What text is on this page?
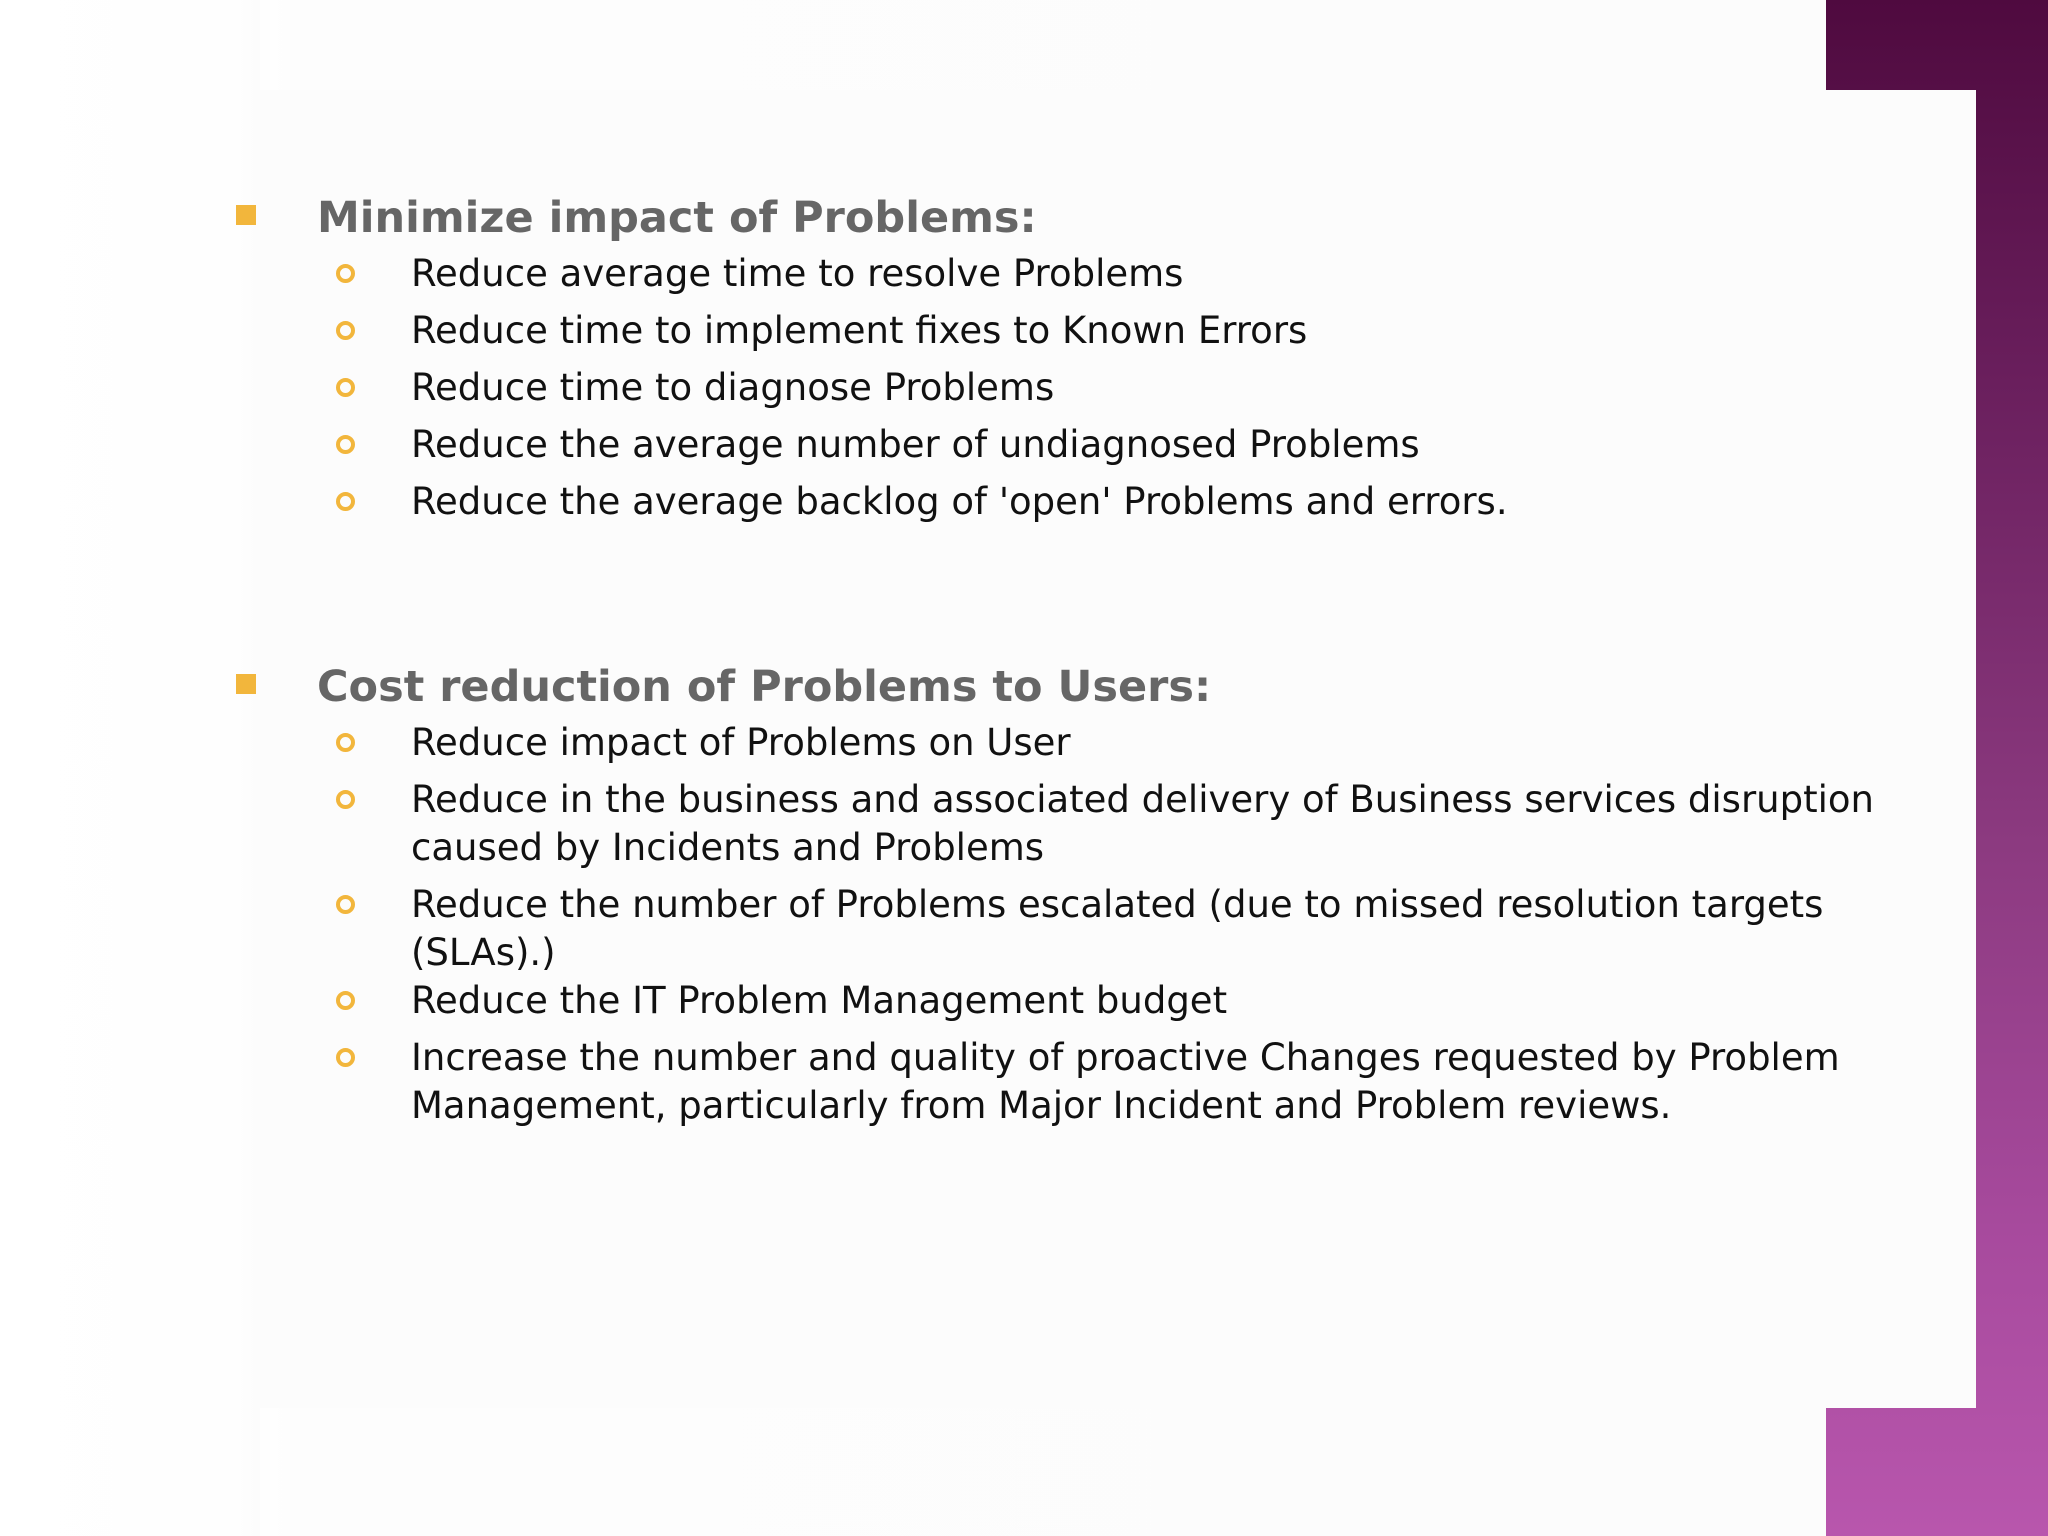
Minimize impact of Problems:
Reduce average time to resolve Problems
Reduce time to implement fixes to Known Errors
Reduce time to diagnose Problems
Reduce the average number of undiagnosed Problems
Reduce the average backlog of 'open' Problems and errors.
Cost reduction of Problems to Users:
Reduce impact of Problems on User
Reduce in the business and associated delivery of Business services disruption caused by Incidents and Problems
Reduce the number of Problems escalated (due to missed resolution targets (SLAs).)
Reduce the IT Problem Management budget
Increase the number and quality of proactive Changes requested by Problem Management, particularly from Major Incident and Problem reviews.
